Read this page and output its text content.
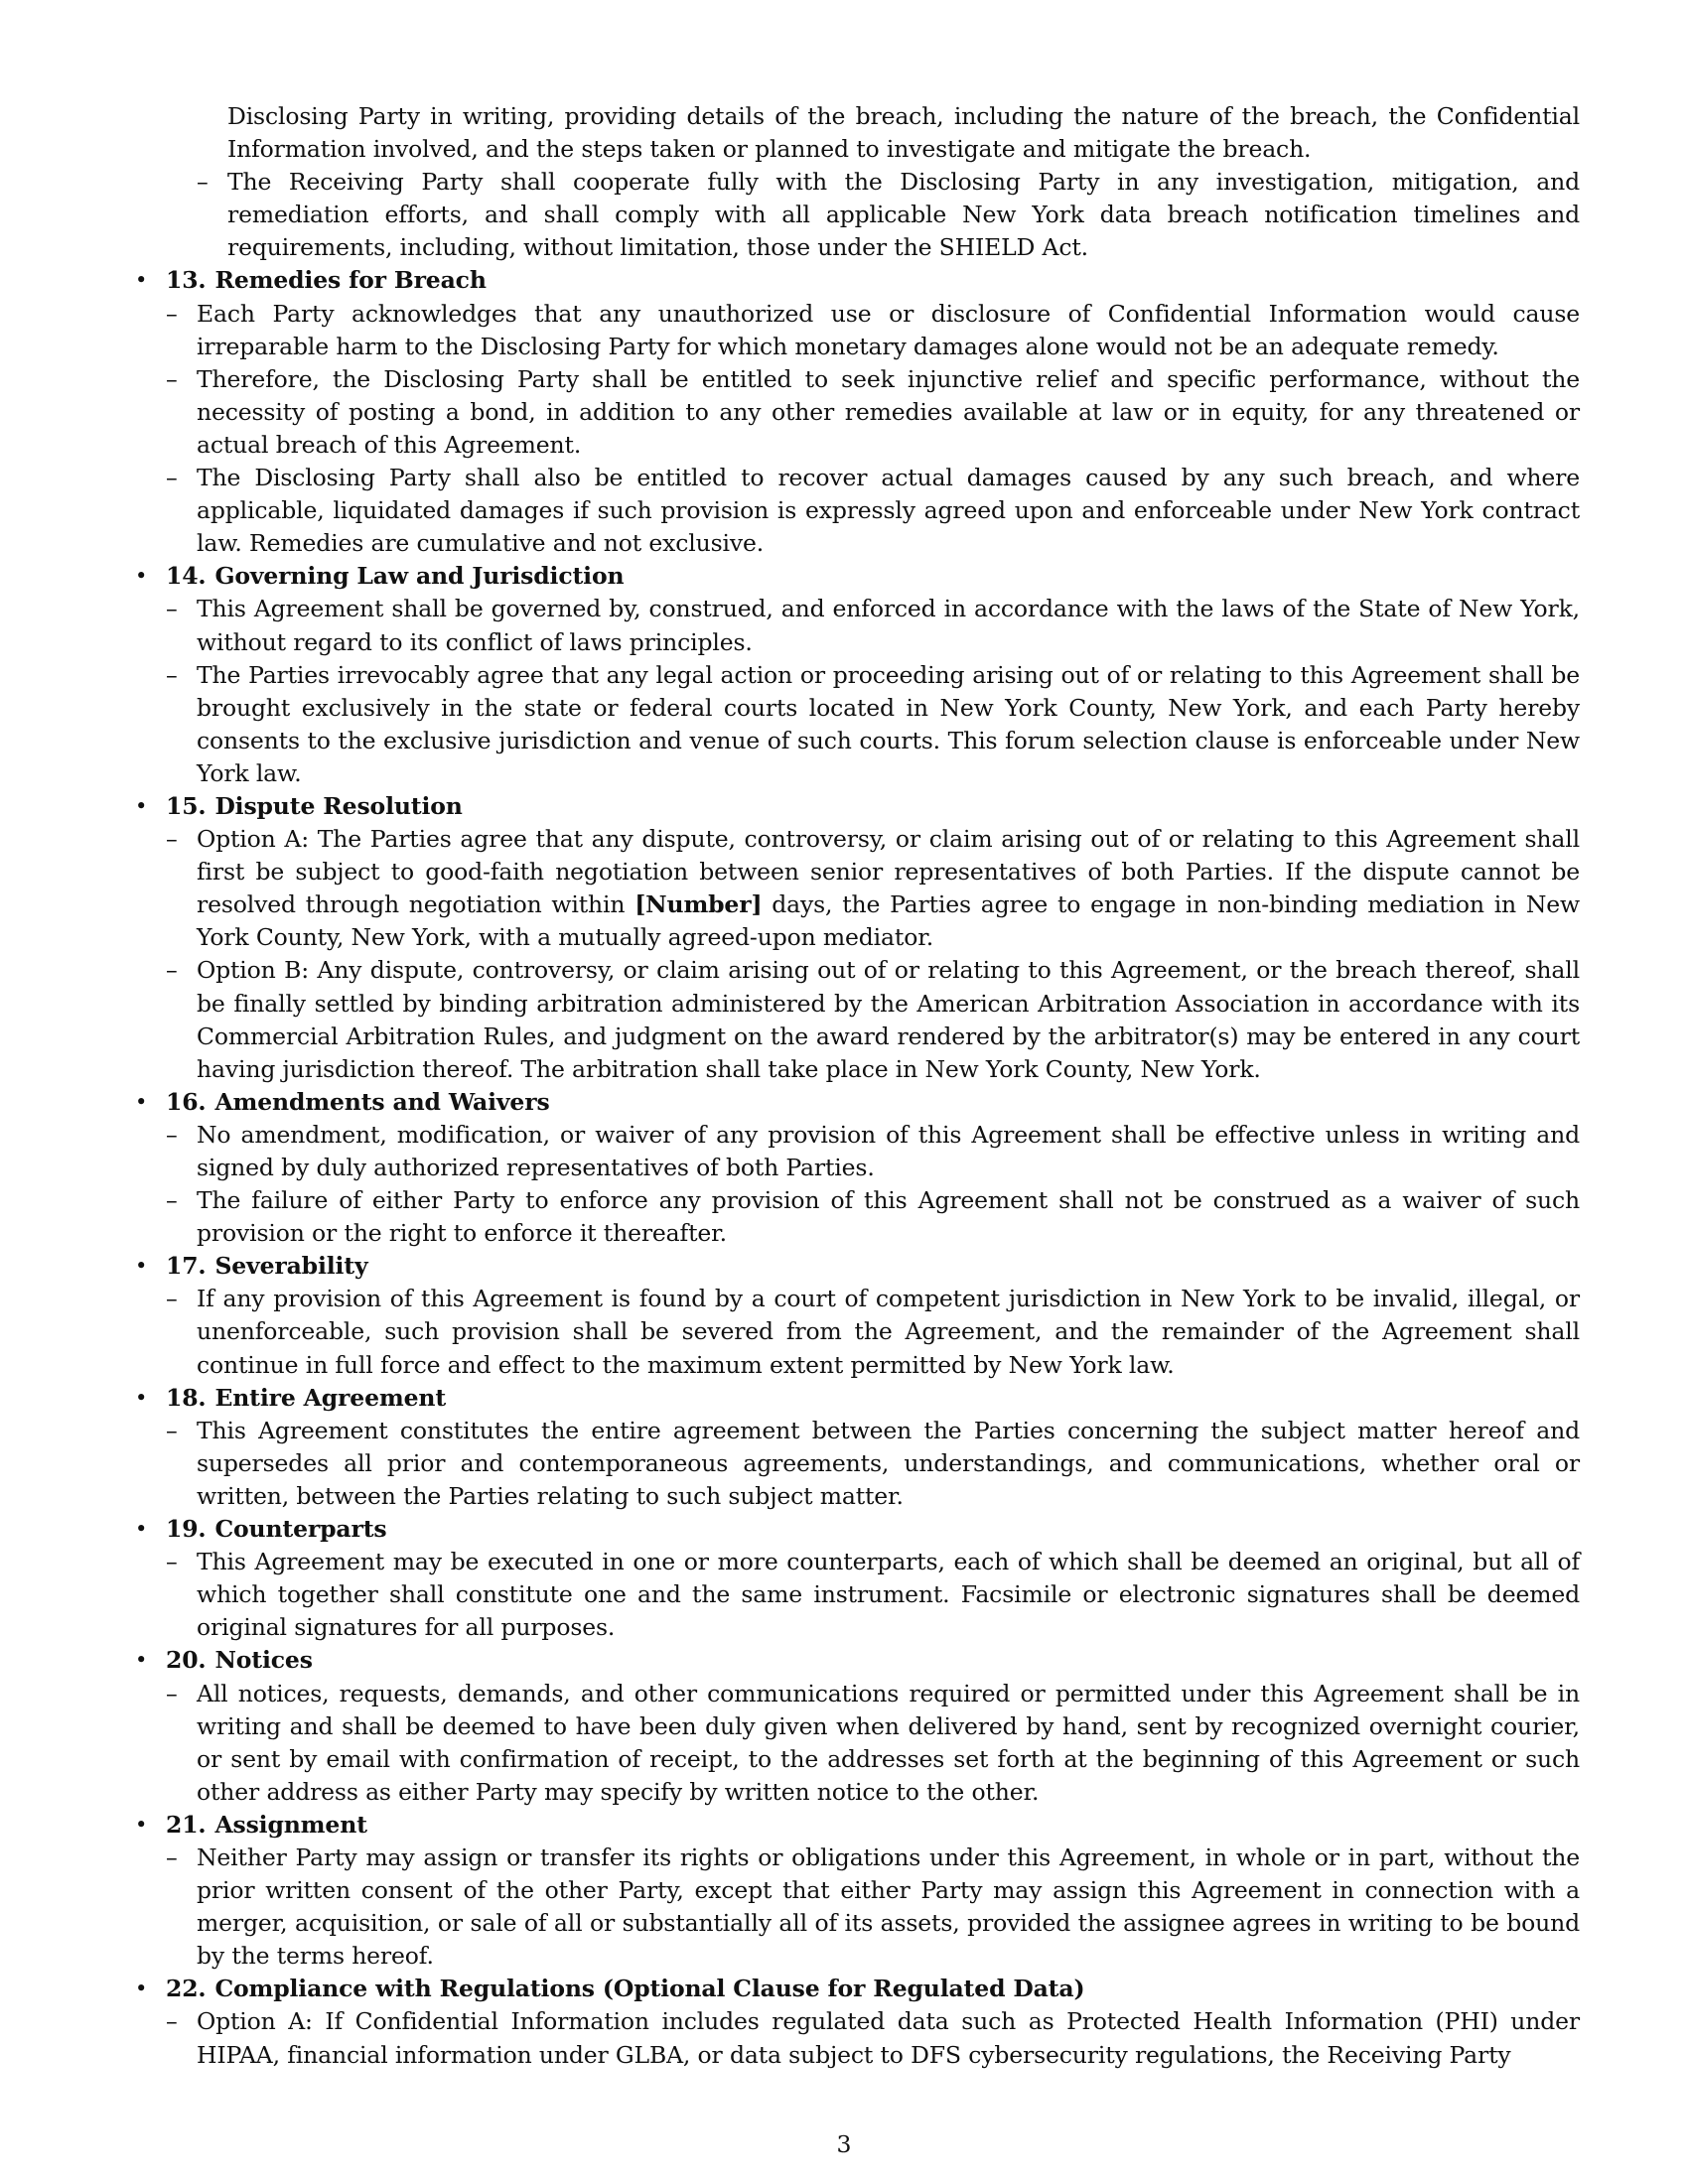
Disclosing Party in writing, providing details of the breach, including the nature of the breach, the Confidential Information involved, and the steps taken or planned to investigate and mitigate the breach.

– The Receiving Party shall cooperate fully with the Disclosing Party in any investigation, mitigation, and remediation efforts, and shall comply with all applicable New York data breach notification timelines and requirements, including, without limitation, those under the SHIELD Act.
• 13. Remedies for Breach
– Each Party acknowledges that any unauthorized use or disclosure of Confidential Information would cause irreparable harm to the Disclosing Party for which monetary damages alone would not be an adequate remedy.
– Therefore, the Disclosing Party shall be entitled to seek injunctive relief and specific performance, without the necessity of posting a bond, in addition to any other remedies available at law or in equity, for any threatened or actual breach of this Agreement.
– The Disclosing Party shall also be entitled to recover actual damages caused by any such breach, and where applicable, liquidated damages if such provision is expressly agreed upon and enforceable under New York contract law. Remedies are cumulative and not exclusive.
• 14. Governing Law and Jurisdiction
– This Agreement shall be governed by, construed, and enforced in accordance with the laws of the State of New York, without regard to its conflict of laws principles.
– The Parties irrevocably agree that any legal action or proceeding arising out of or relating to this Agreement shall be brought exclusively in the state or federal courts located in New York County, New York, and each Party hereby consents to the exclusive jurisdiction and venue of such courts. This forum selection clause is enforceable under New York law.
• 15. Dispute Resolution
– Option A: The Parties agree that any dispute, controversy, or claim arising out of or relating to this Agreement shall first be subject to good-faith negotiation between senior representatives of both Parties. If the dispute cannot be resolved through negotiation within [Number] days, the Parties agree to engage in non-binding mediation in New York County, New York, with a mutually agreed-upon mediator.
– Option B: Any dispute, controversy, or claim arising out of or relating to this Agreement, or the breach thereof, shall be finally settled by binding arbitration administered by the American Arbitration Association in accordance with its Commercial Arbitration Rules, and judgment on the award rendered by the arbitrator(s) may be entered in any court having jurisdiction thereof. The arbitration shall take place in New York County, New York.
• 16. Amendments and Waivers
– No amendment, modification, or waiver of any provision of this Agreement shall be effective unless in writing and signed by duly authorized representatives of both Parties.
– The failure of either Party to enforce any provision of this Agreement shall not be construed as a waiver of such provision or the right to enforce it thereafter.
• 17. Severability
– If any provision of this Agreement is found by a court of competent jurisdiction in New York to be invalid, illegal, or unenforceable, such provision shall be severed from the Agreement, and the remainder of the Agreement shall continue in full force and effect to the maximum extent permitted by New York law.
• 18. Entire Agreement
– This Agreement constitutes the entire agreement between the Parties concerning the subject matter hereof and supersedes all prior and contemporaneous agreements, understandings, and communications, whether oral or written, between the Parties relating to such subject matter.
• 19. Counterparts
– This Agreement may be executed in one or more counterparts, each of which shall be deemed an original, but all of which together shall constitute one and the same instrument. Facsimile or electronic signatures shall be deemed original signatures for all purposes.
• 20. Notices
– All notices, requests, demands, and other communications required or permitted under this Agreement shall be in writing and shall be deemed to have been duly given when delivered by hand, sent by recognized overnight courier, or sent by email with confirmation of receipt, to the addresses set forth at the beginning of this Agreement or such other address as either Party may specify by written notice to the other.
• 21. Assignment
– Neither Party may assign or transfer its rights or obligations under this Agreement, in whole or in part, without the prior written consent of the other Party, except that either Party may assign this Agreement in connection with a merger, acquisition, or sale of all or substantially all of its assets, provided the assignee agrees in writing to be bound by the terms hereof.
• 22. Compliance with Regulations (Optional Clause for Regulated Data)
– Option A: If Confidential Information includes regulated data such as Protected Health Information (PHI) under HIPAA, financial information under GLBA, or data subject to DFS cybersecurity regulations, the Receiving Party
3
